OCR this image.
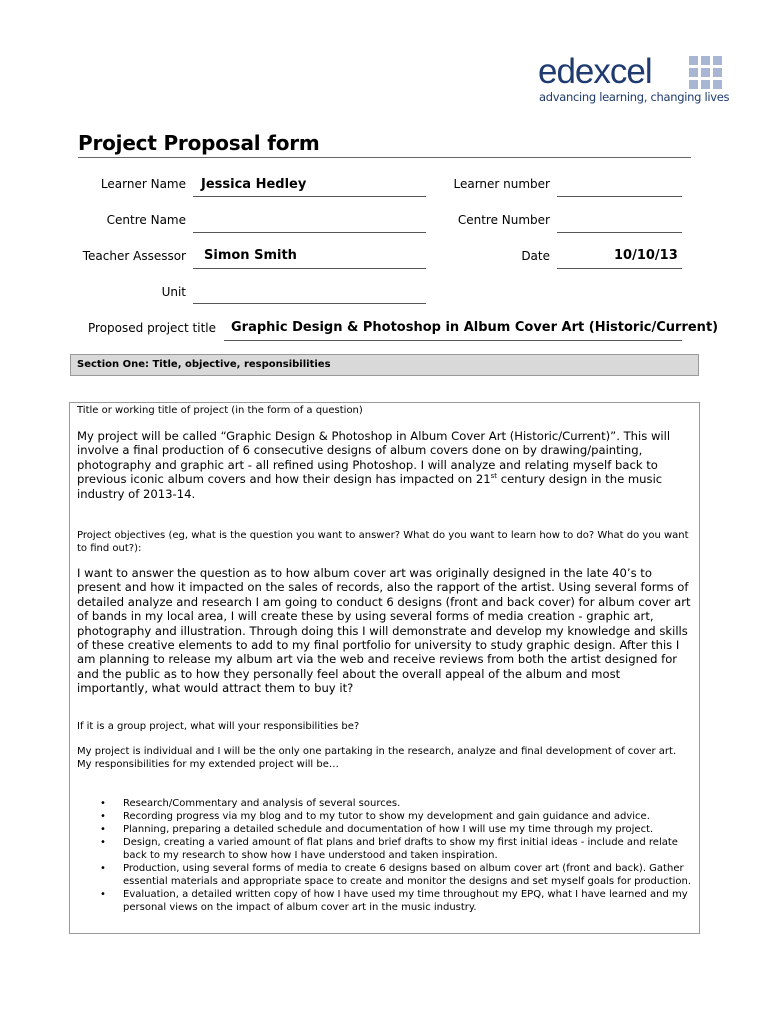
edexcel
advancing learning, changing lives
Project Proposal form
Learner Name Jessica Hedley	Learner number
Centre Name	Centre Number
Teacher Assessor Simon Smith	Date	10/10/13
Unit
Proposed project title Graphic Design & Photoshop in Album Cover Art (Historic/Current)
Section One: Title, objective, responsibilities
Title or working title of project (in the form of a question)
My project will be called “Graphic Design & Photoshop in Album Cover Art (Historic/Current)”. This will involve a final production of 6 consecutive designs of album covers done on by drawing/painting, photography and graphic art - all refined using Photoshop. I will analyze and relating myself back to previous iconic album covers and how their design has impacted on 21st century design in the music industry of 2013-14.
Project objectives (eg, what is the question you want to answer? What do you want to learn how to do? What do you want to find out?):
I want to answer the question as to how album cover art was originally designed in the late 40’s to present and how it impacted on the sales of records, also the rapport of the artist. Using several forms of detailed analyze and research I am going to conduct 6 designs (front and back cover) for album cover art of bands in my local area, I will create these by using several forms of media creation - graphic art, photography and illustration. Through doing this I will demonstrate and develop my knowledge and skills of these creative elements to add to my final portfolio for university to study graphic design. After this I am planning to release my album art via the web and receive reviews from both the artist designed for and the public as to how they personally feel about the overall appeal of the album and most importantly, what would attract them to buy it?
If it is a group project, what will your responsibilities be?
My project is individual and I will be the only one partaking in the research, analyze and final development of cover art. My responsibilities for my extended project will be…
• Research/Commentary and analysis of several sources.
• Recording progress via my blog and to my tutor to show my development and gain guidance and advice.
• Planning, preparing a detailed schedule and documentation of how I will use my time through my project.
• Design, creating a varied amount of flat plans and brief drafts to show my first initial ideas - include and relate back to my research to show how I have understood and taken inspiration.
• Production, using several forms of media to create 6 designs based on album cover art (front and back). Gather essential materials and appropriate space to create and monitor the designs and set myself goals for production.
• Evaluation, a detailed written copy of how I have used my time throughout my EPQ, what I have learned and my personal views on the impact of album cover art in the music industry.
